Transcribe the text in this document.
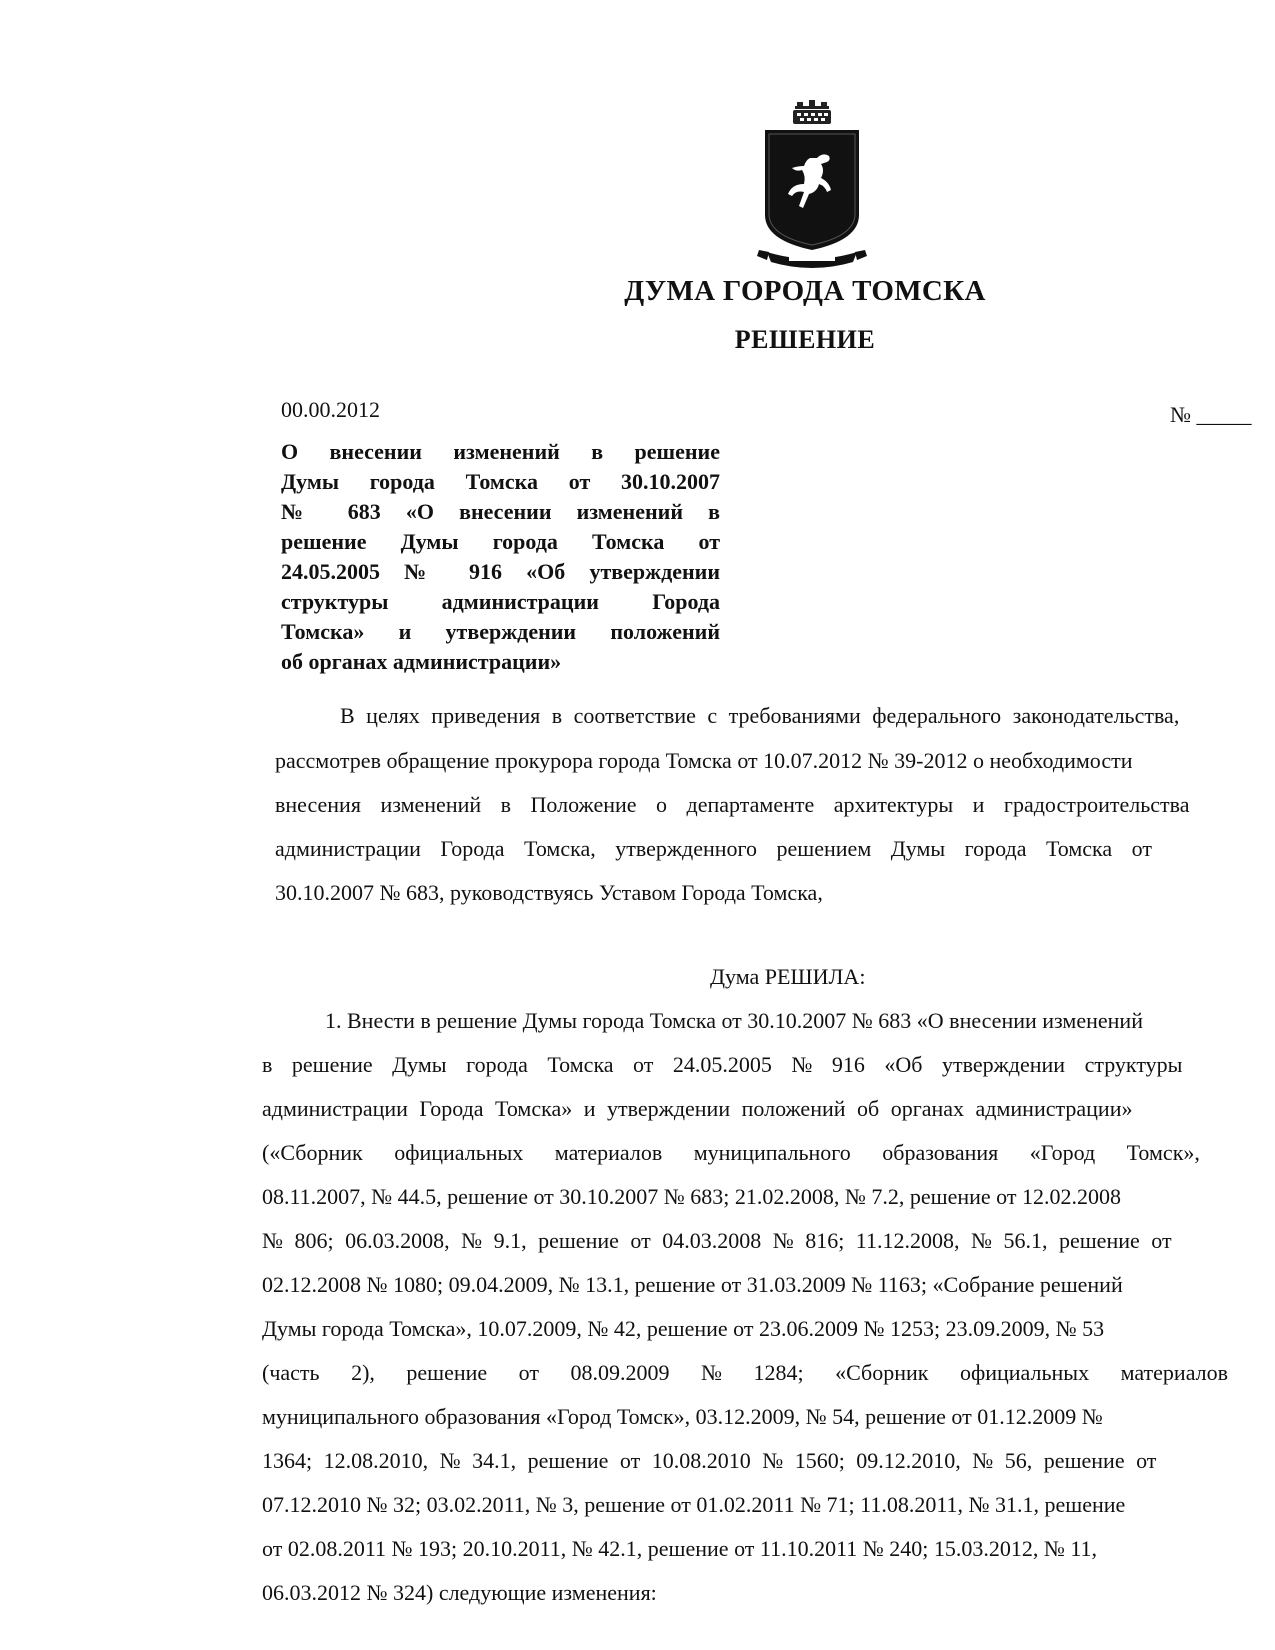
ДУМА ГОРОДА ТОМСКА
РЕШЕНИЕ
00.00.2012	№ _____
О внесении изменений в решение
Думы города Томска от 30.10.2007
№ 683 «О внесении изменений в
решение Думы города Томска от
24.05.2005 № 916 «Об утверждении
структуры администрации Города
Томска» и утверждении положений
об органах администрации»
В целях приведения в соответствие с требованиями федерального законодательства,
рассмотрев обращение прокурора города Томска от 10.07.2012 № 39-2012 о необходимости
внесения изменений в Положение о департаменте архитектуры и градостроительства
администрации Города Томска, утвержденного решением Думы города Томска от
30.10.2007 № 683, руководствуясь Уставом Города Томска,
Дума РЕШИЛА:
1. Внести в решение Думы города Томска от 30.10.2007 № 683 «О внесении изменений
в решение Думы города Томска от 24.05.2005 № 916 «Об утверждении структуры
администрации Города Томска» и утверждении положений об органах администрации»
(«Сборник официальных материалов муниципального образования «Город Томск»,
08.11.2007, № 44.5, решение от 30.10.2007 № 683; 21.02.2008, № 7.2, решение от 12.02.2008
№ 806; 06.03.2008, № 9.1, решение от 04.03.2008 № 816; 11.12.2008, № 56.1, решение от
02.12.2008 № 1080; 09.04.2009, № 13.1, решение от 31.03.2009 № 1163; «Собрание решений
Думы города Томска», 10.07.2009, № 42, решение от 23.06.2009 № 1253; 23.09.2009, № 53
(часть 2), решение от 08.09.2009 № 1284; «Сборник официальных материалов
муниципального образования «Город Томск», 03.12.2009, № 54, решение от 01.12.2009 №
1364; 12.08.2010, № 34.1, решение от 10.08.2010 № 1560; 09.12.2010, № 56, решение от
07.12.2010 № 32; 03.02.2011, № 3, решение от 01.02.2011 № 71; 11.08.2011, № 31.1, решение
от 02.08.2011 № 193; 20.10.2011, № 42.1, решение от 11.10.2011 № 240; 15.03.2012, № 11,
06.03.2012 № 324) следующие изменения:
